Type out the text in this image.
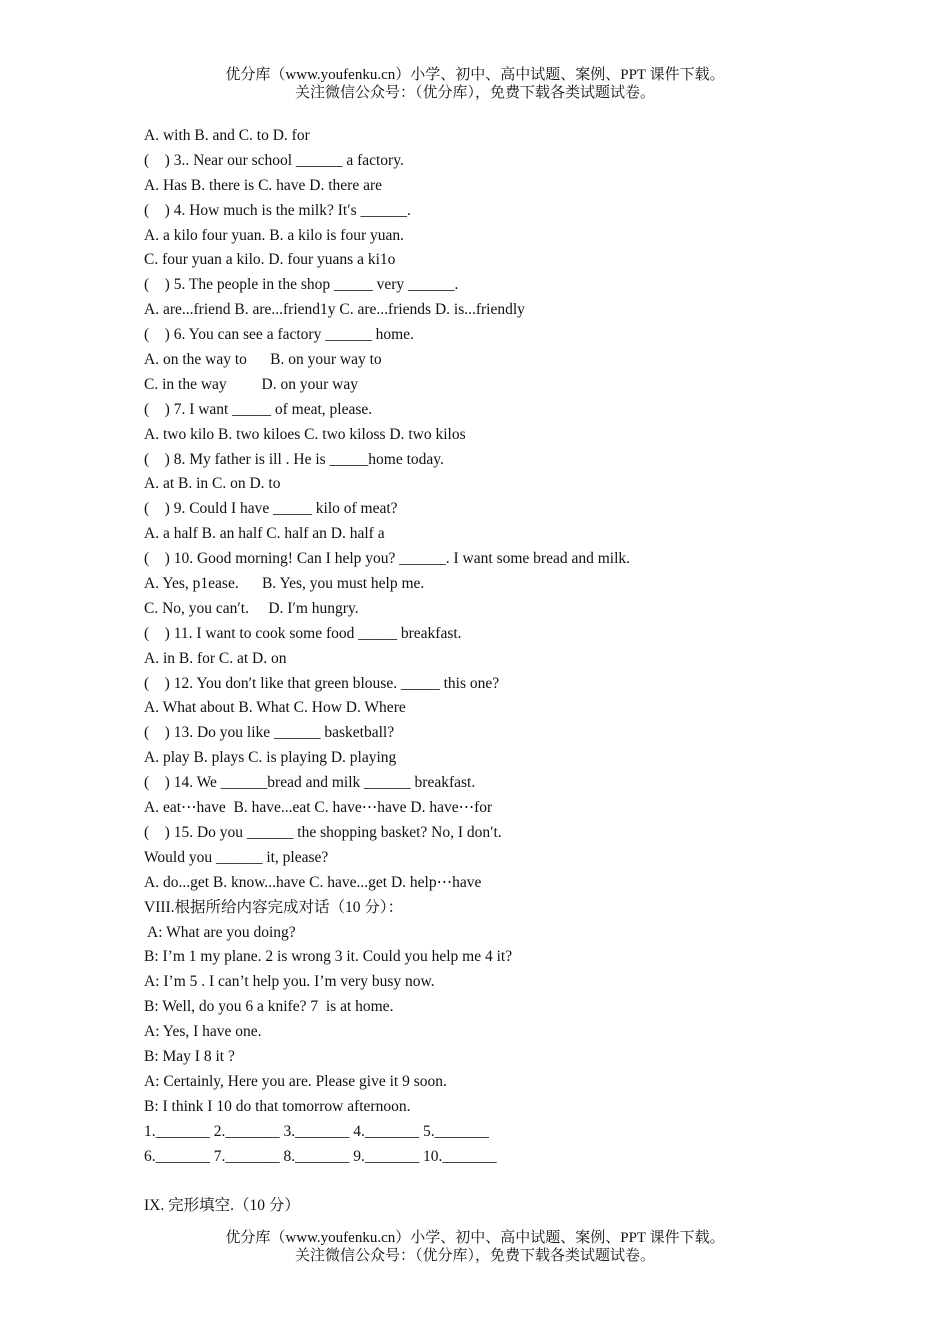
优分库（www.youfenku.cn）小学、初中、高中试题、案例、PPT 课件下载。
关注微信公众号：（优分库），免费下载各类试题试卷。
A. with B. and C. to D. for
(    ) 3.. Near our school ______ a factory.
A. Has B. there is C. have D. there are
(    ) 4. How much is the milk? It′s ______.
A. a kilo four yuan. B. a kilo is four yuan.
C. four yuan a kilo. D. four yuans a ki1o
(    ) 5. The people in the shop _____ very ______.
A. are...friend B. are...friend1y C. are...friends D. is...friendly
(    ) 6. You can see a factory ______ home.
A. on the way to      B. on your way to
C. in the way         D. on your way
(    ) 7. I want _____ of meat, please.
A. two kilo B. two kiloes C. two kiloss D. two kilos
(    ) 8. My father is ill . He is _____home today.
A. at B. in C. on D. to
(    ) 9. Could I have _____ kilo of meat?
A. a half B. an half C. half an D. half a
(    ) 10. Good morning! Can I help you? ______. I want some bread and milk.
A. Yes, p1ease.      B. Yes, you must help me.
C. No, you can′t.     D. I′m hungry.
(    ) 11. I want to cook some food _____ breakfast.
A. in B. for C. at D. on
(    ) 12. You don′t like that green blouse. _____ this one?
A. What about B. What C. How D. Where
(    ) 13. Do you like ______ basketball?
A. play B. plays C. is playing D. playing
(    ) 14. We ______bread and milk ______ breakfast.
A. eat⋯have  B. have...eat C. have⋯have D. have⋯for
(    ) 15. Do you ______ the shopping basket? No, I don′t.
Would you ______ it, please?
A. do...get B. know...have C. have...get D. help⋯have
VIII.根据所给内容完成对话（10 分）：
A: What are you doing?
B: I’m 1 my plane. 2 is wrong 3 it. Could you help me 4 it?
A: I’m 5 . I can’t help you. I’m very busy now.
B: Well, do you 6 a knife? 7  is at home.
A: Yes, I have one.
B: May I 8 it ?
A: Certainly, Here you are. Please give it 9 soon.
B: I think I 10 do that tomorrow afternoon.
1._______ 2._______ 3._______ 4._______ 5._______
6._______ 7._______ 8._______ 9._______ 10._______
IX. 完形填空.（10 分）
优分库（www.youfenku.cn）小学、初中、高中试题、案例、PPT 课件下载。
关注微信公众号：（优分库），免费下载各类试题试卷。
